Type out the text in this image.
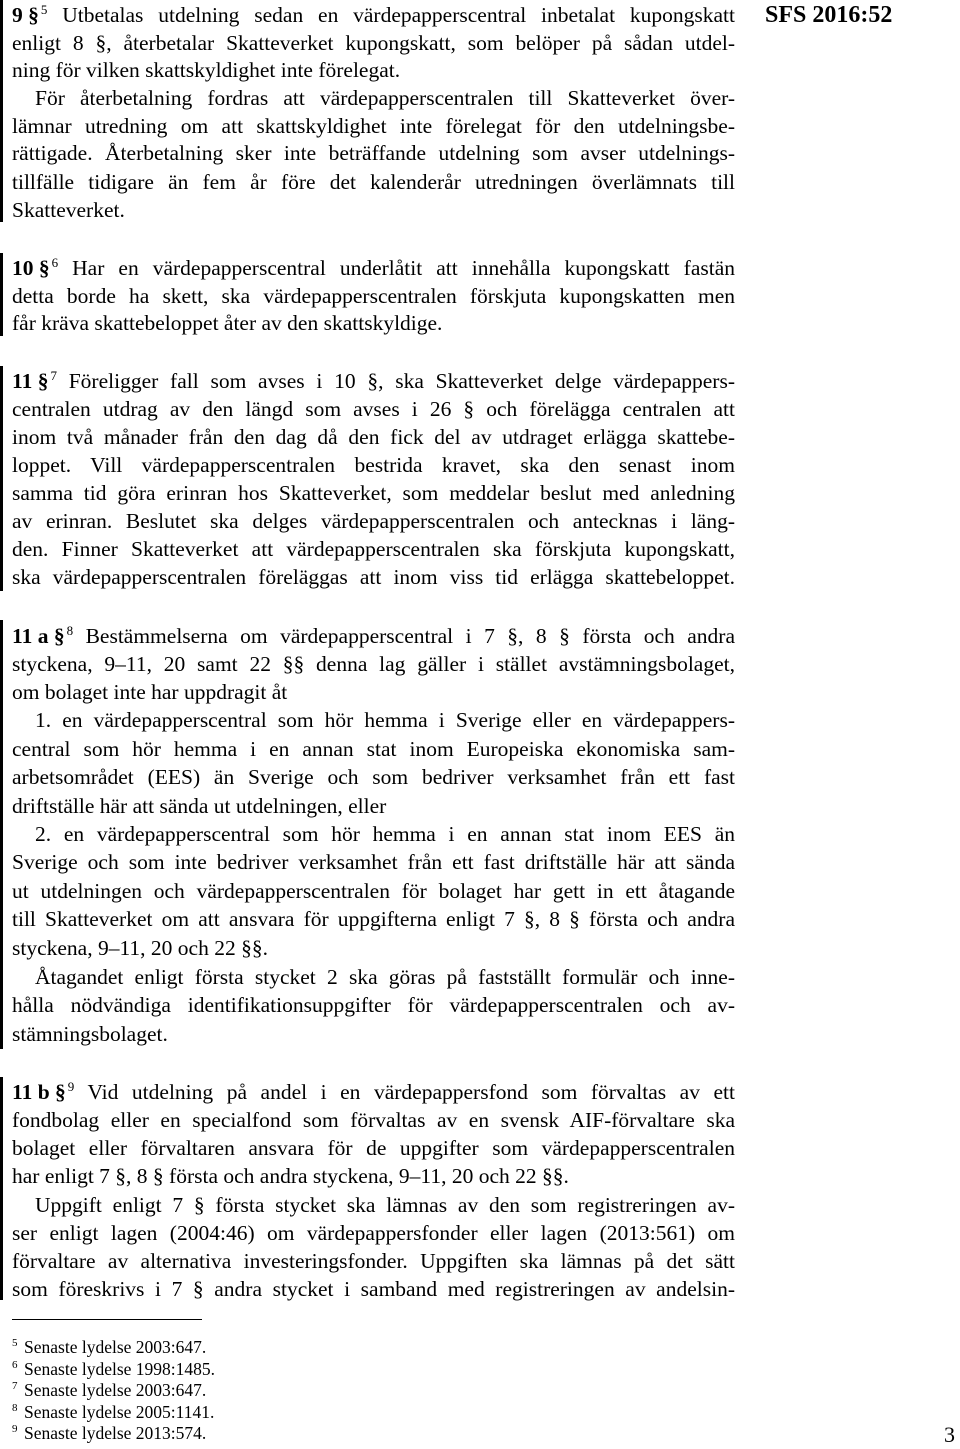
SFS 2016:52
9 § $^5$ Utbetalas utdelning sedan en värdepapperscentral inbetalat kupongskatt
enligt 8 §, återbetalar Skatteverket kupongskatt, som belöper på sådan utdel-
ning för vilken skattskyldighet inte förelegat.
För återbetalning fordras att värdepapperscentralen till Skatteverket över-
lämnar utredning om att skattskyldighet inte förelegat för den utdelningsbe-
rättigade. Återbetalning sker inte beträffande utdelning som avser utdelnings-
tillfälle tidigare än fem år före det kalenderår utredningen överlämnats till
Skatteverket.
10 § $^6$ Har en värdepapperscentral underlåtit att innehålla kupongskatt fastän
detta borde ha skett, ska värdepapperscentralen förskjuta kupongskatten men
får kräva skattebeloppet åter av den skattskyldige.
11 § $^7$ Föreligger fall som avses i 10 §, ska Skatteverket delge värdepappers-
centralen utdrag av den längd som avses i 26 § och förelägga centralen att
inom två månader från den dag då den fick del av utdraget erlägga skattebe-
loppet. Vill värdepapperscentralen bestrida kravet, ska den senast inom
samma tid göra erinran hos Skatteverket, som meddelar beslut med anledning
av erinran. Beslutet ska delges värdepapperscentralen och antecknas i läng-
den. Finner Skatteverket att värdepapperscentralen ska förskjuta kupongskatt,
ska värdepapperscentralen föreläggas att inom viss tid erlägga skattebeloppet.
11 a § $^8$ Bestämmelserna om värdepapperscentral i 7 §, 8 § första och andra
styckena, 9–11, 20 samt 22 §§ denna lag gäller i stället avstämningsbolaget,
om bolaget inte har uppdragit åt
1. en värdepapperscentral som hör hemma i Sverige eller en värdepappers-
central som hör hemma i en annan stat inom Europeiska ekonomiska sam-
arbetsområdet (EES) än Sverige och som bedriver verksamhet från ett fast
driftställe här att sända ut utdelningen, eller
2. en värdepapperscentral som hör hemma i en annan stat inom EES än
Sverige och som inte bedriver verksamhet från ett fast driftställe här att sända
ut utdelningen och värdepapperscentralen för bolaget har gett in ett åtagande
till Skatteverket om att ansvara för uppgifterna enligt 7 §, 8 § första och andra
styckena, 9–11, 20 och 22 §§.
Åtagandet enligt första stycket 2 ska göras på fastställt formulär och inne-
hålla nödvändiga identifikationsuppgifter för värdepapperscentralen och av-
stämningsbolaget.
11 b § $^9$ Vid utdelning på andel i en värdepappersfond som förvaltas av ett
fondbolag eller en specialfond som förvaltas av en svensk AIF-förvaltare ska
bolaget eller förvaltaren ansvara för de uppgifter som värdepapperscentralen
har enligt 7 §, 8 § första och andra styckena, 9–11, 20 och 22 §§.
Uppgift enligt 7 § första stycket ska lämnas av den som registreringen av-
ser enligt lagen (2004:46) om värdepappersfonder eller lagen (2013:561) om
förvaltare av alternativa investeringsfonder. Uppgiften ska lämnas på det sätt
som föreskrivs i 7 § andra stycket i samband med registreringen av andelsin-
5 Senaste lydelse 2003:647.
6 Senaste lydelse 1998:1485.
7 Senaste lydelse 2003:647.
8 Senaste lydelse 2005:1141.
9 Senaste lydelse 2013:574.	3
